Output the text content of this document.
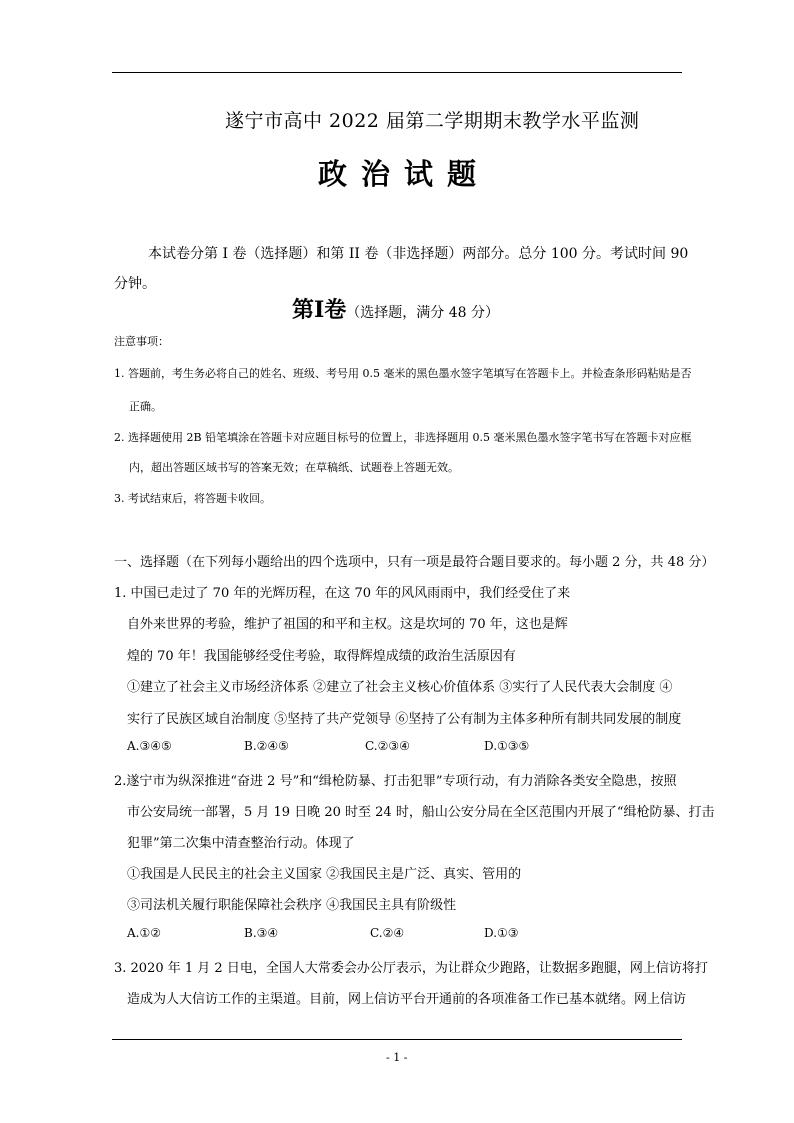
遂宁市高中 2022 届第二学期期末教学水平监测
政治试题
本试卷分第 I 卷（选择题）和第 II 卷（非选择题）两部分。总分 100 分。考试时间 90
分钟。
第Ⅰ卷（选择题，满分 48 分）
注意事项：
1. 答题前，考生务必将自己的姓名、班级、考号用 0.5 毫米的黑色墨水签字笔填写在答题卡上。并检查条形码粘贴是否
正确。
2. 选择题使用 2B 铅笔填涂在答题卡对应题目标号的位置上，非选择题用 0.5 毫米黑色墨水签字笔书写在答题卡对应框
内，超出答题区域书写的答案无效；在草稿纸、试题卷上答题无效。
3. 考试结束后，将答题卡收回。
一、选择题（在下列每小题给出的四个选项中，只有一项是最符合题目要求的。每小题 2 分，共 48 分）
1. 中国已走过了 70 年的光辉历程，在这 70 年的风风雨雨中，我们经受住了来
自外来世界的考验，维护了祖国的和平和主权。这是坎坷的 70 年，这也是辉
煌的 70 年！我国能够经受住考验，取得辉煌成绩的政治生活原因有
①建立了社会主义市场经济体系 ②建立了社会主义核心价值体系 ③实行了人民代表大会制度 ④
实行了民族区域自治制度 ⑤坚持了共产党领导 ⑥坚持了公有制为主体多种所有制共同发展的制度
A.③④⑤	B.②④⑤	C.②③④	D.①③⑤
2.遂宁市为纵深推进“奋进 2 号”和“缉枪防暴、打击犯罪”专项行动，有力消除各类安全隐患，按照
市公安局统一部署，5 月 19 日晚 20 时至 24 时，船山公安分局在全区范围内开展了“缉枪防暴、打击
犯罪”第二次集中清查整治行动。体现了
①我国是人民民主的社会主义国家 ②我国民主是广泛、真实、管用的
③司法机关履行职能保障社会秩序 ④我国民主具有阶级性
A.①②	B.③④	C.②④	D.①③
3. 2020 年 1 月 2 日电，全国人大常委会办公厅表示，为让群众少跑路，让数据多跑腿，网上信访将打
造成为人大信访工作的主渠道。目前，网上信访平台开通前的各项准备工作已基本就绪。网上信访
- 1 -
